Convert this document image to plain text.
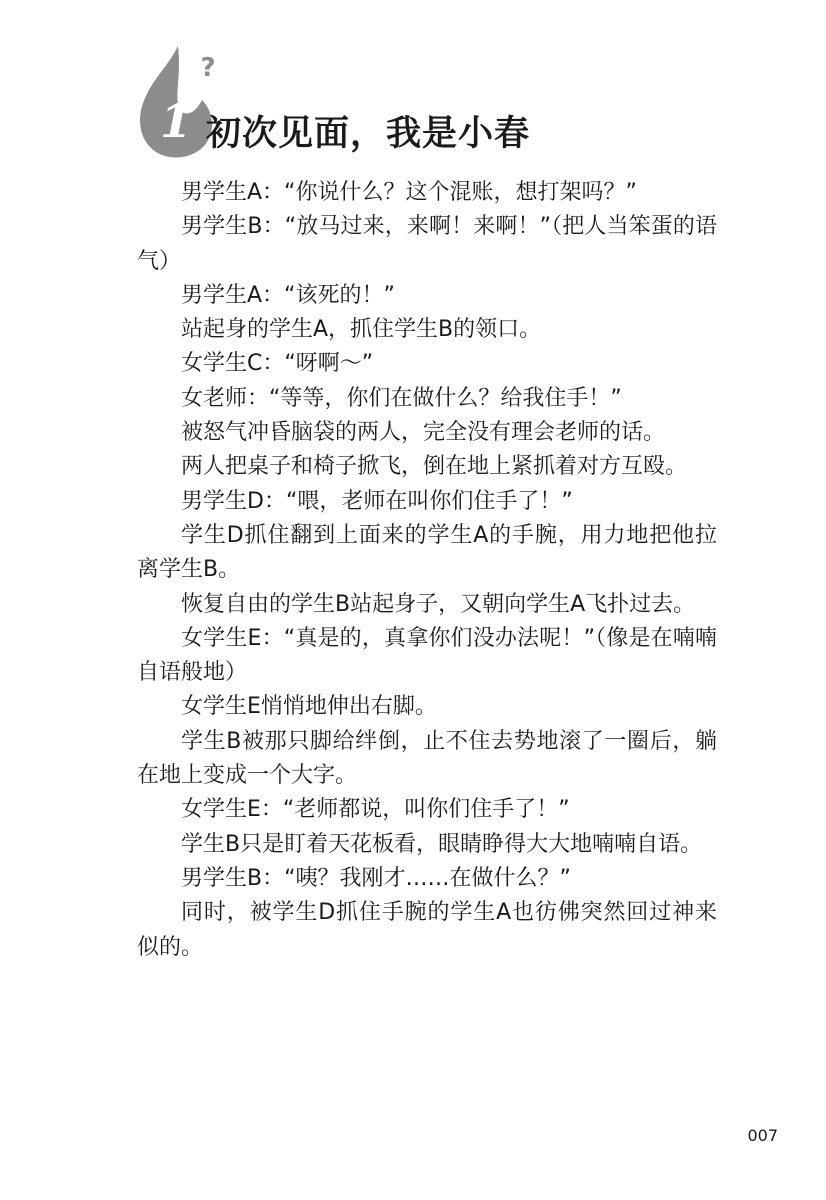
?
1 初次见面，我是小春

男学生A：“你说什么？这个混账，想打架吗？”

男学生B：“放马过来，来啊！来啊！”（把人当笨蛋的语气）

男学生A：“该死的！”

站起身的学生A，抓住学生B的领口。

女学生C：“呀啊～”

女老师：“等等，你们在做什么？给我住手！”

被怒气冲昏脑袋的两人，完全没有理会老师的话。

两人把桌子和椅子掀飞，倒在地上紧抓着对方互殴。

男学生D：“喂，老师在叫你们住手了！”

学生D抓住翻到上面来的学生A的手腕，用力地把他拉离学生B。

恢复自由的学生B站起身子，又朝向学生A飞扑过去。

女学生E：“真是的，真拿你们没办法呢！”（像是在喃喃自语般地）

女学生E悄悄地伸出右脚。

学生B被那只脚给绊倒，止不住去势地滚了一圈后，躺在地上变成一个大字。

女学生E：“老师都说，叫你们住手了！”

学生B只是盯着天花板看，眼睛睁得大大地喃喃自语。

男学生B：“咦？我刚才……在做什么？”

同时，被学生D抓住手腕的学生A也彷佛突然回过神来似的。

007
